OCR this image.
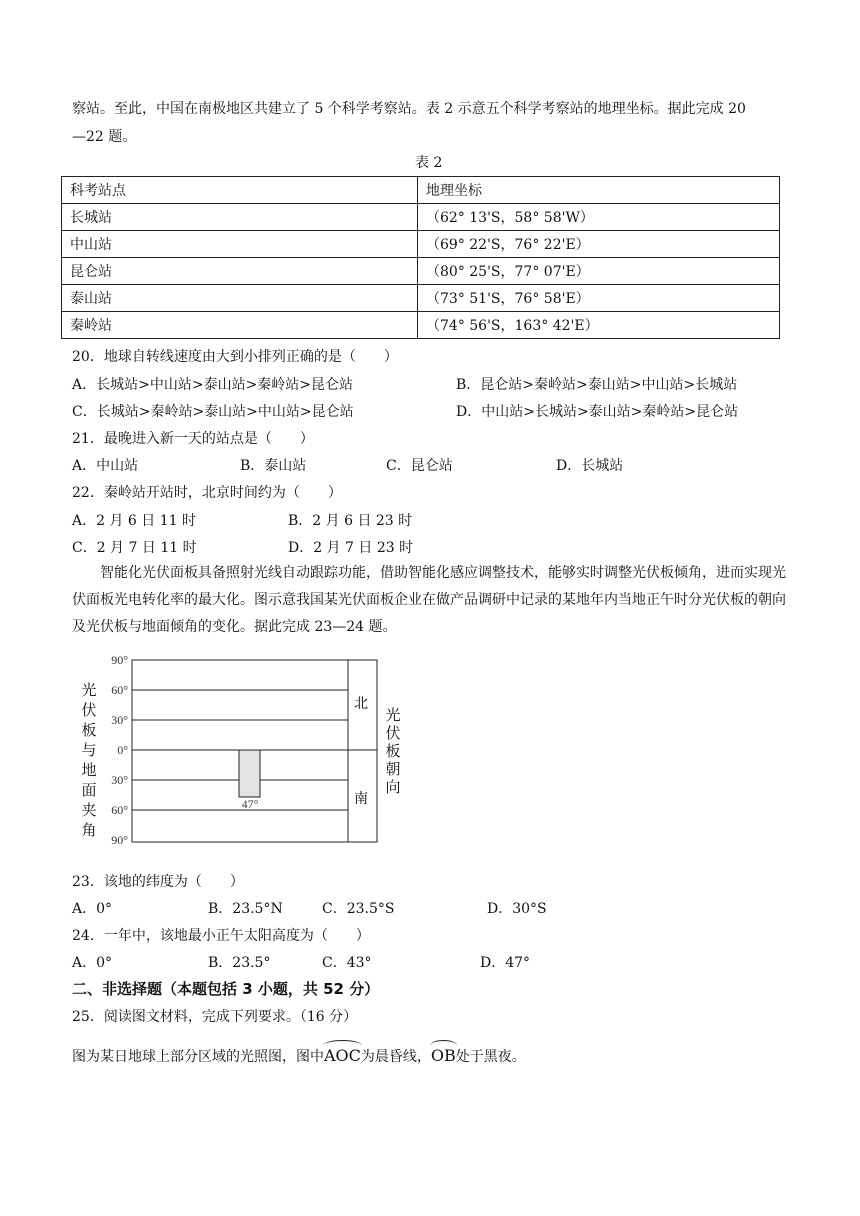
察站。至此，中国在南极地区共建立了 5 个科学考察站。表 2 示意五个科学考察站的地理坐标。据此完成 20
—22 题。
表 2
科考站点	地理坐标
长城站	（62° 13'S，58° 58'W）
中山站	（69° 22'S，76° 22'E）
昆仑站	（80° 25'S，77° 07'E）
泰山站	（73° 51'S，76° 58'E）
秦岭站	（74° 56'S，163° 42'E）
20．地球自转线速度由大到小排列正确的是（　　）
A．长城站>中山站>泰山站>秦岭站>昆仑站	B．昆仑站>秦岭站>泰山站>中山站>长城站
C．长城站>秦岭站>泰山站>中山站>昆仑站	D．中山站>长城站>泰山站>秦岭站>昆仑站
21．最晚进入新一天的站点是（　　）
A．中山站	B．泰山站	C．昆仑站	D．长城站
22．秦岭站开站时，北京时间约为（　　）
A．2 月 6 日 11 时	B．2 月 6 日 23 时
C．2 月 7 日 11 时	D．2 月 7 日 23 时
智能化光伏面板具备照射光线自动跟踪功能，借助智能化感应调整技术，能够实时调整光伏板倾角，进而实现光伏面板光电转化率的最大化。图示意我国某光伏面板企业在做产品调研中记录的某地年内当地正午时分光伏板的朝向及光伏板与地面倾角的变化。据此完成 23—24 题。
90°
60°
30°
0°
30°
60°
90°
47°
北
南
光
伏
板
与
地
面
夹
角
光
伏
板
朝
向
23．该地的纬度为（　　）
A．0°	B．23.5°N	C．23.5°S	D．30°S
24．一年中，该地最小正午太阳高度为（　　）
A．0°	B．23.5°	C．43°	D．47°
二、非选择题（本题包括 3 小题，共 52 分）
25．阅读图文材料，完成下列要求。（16 分）
图为某日地球上部分区域的光照图，图中AOC为晨昏线，OB处于黑夜。
